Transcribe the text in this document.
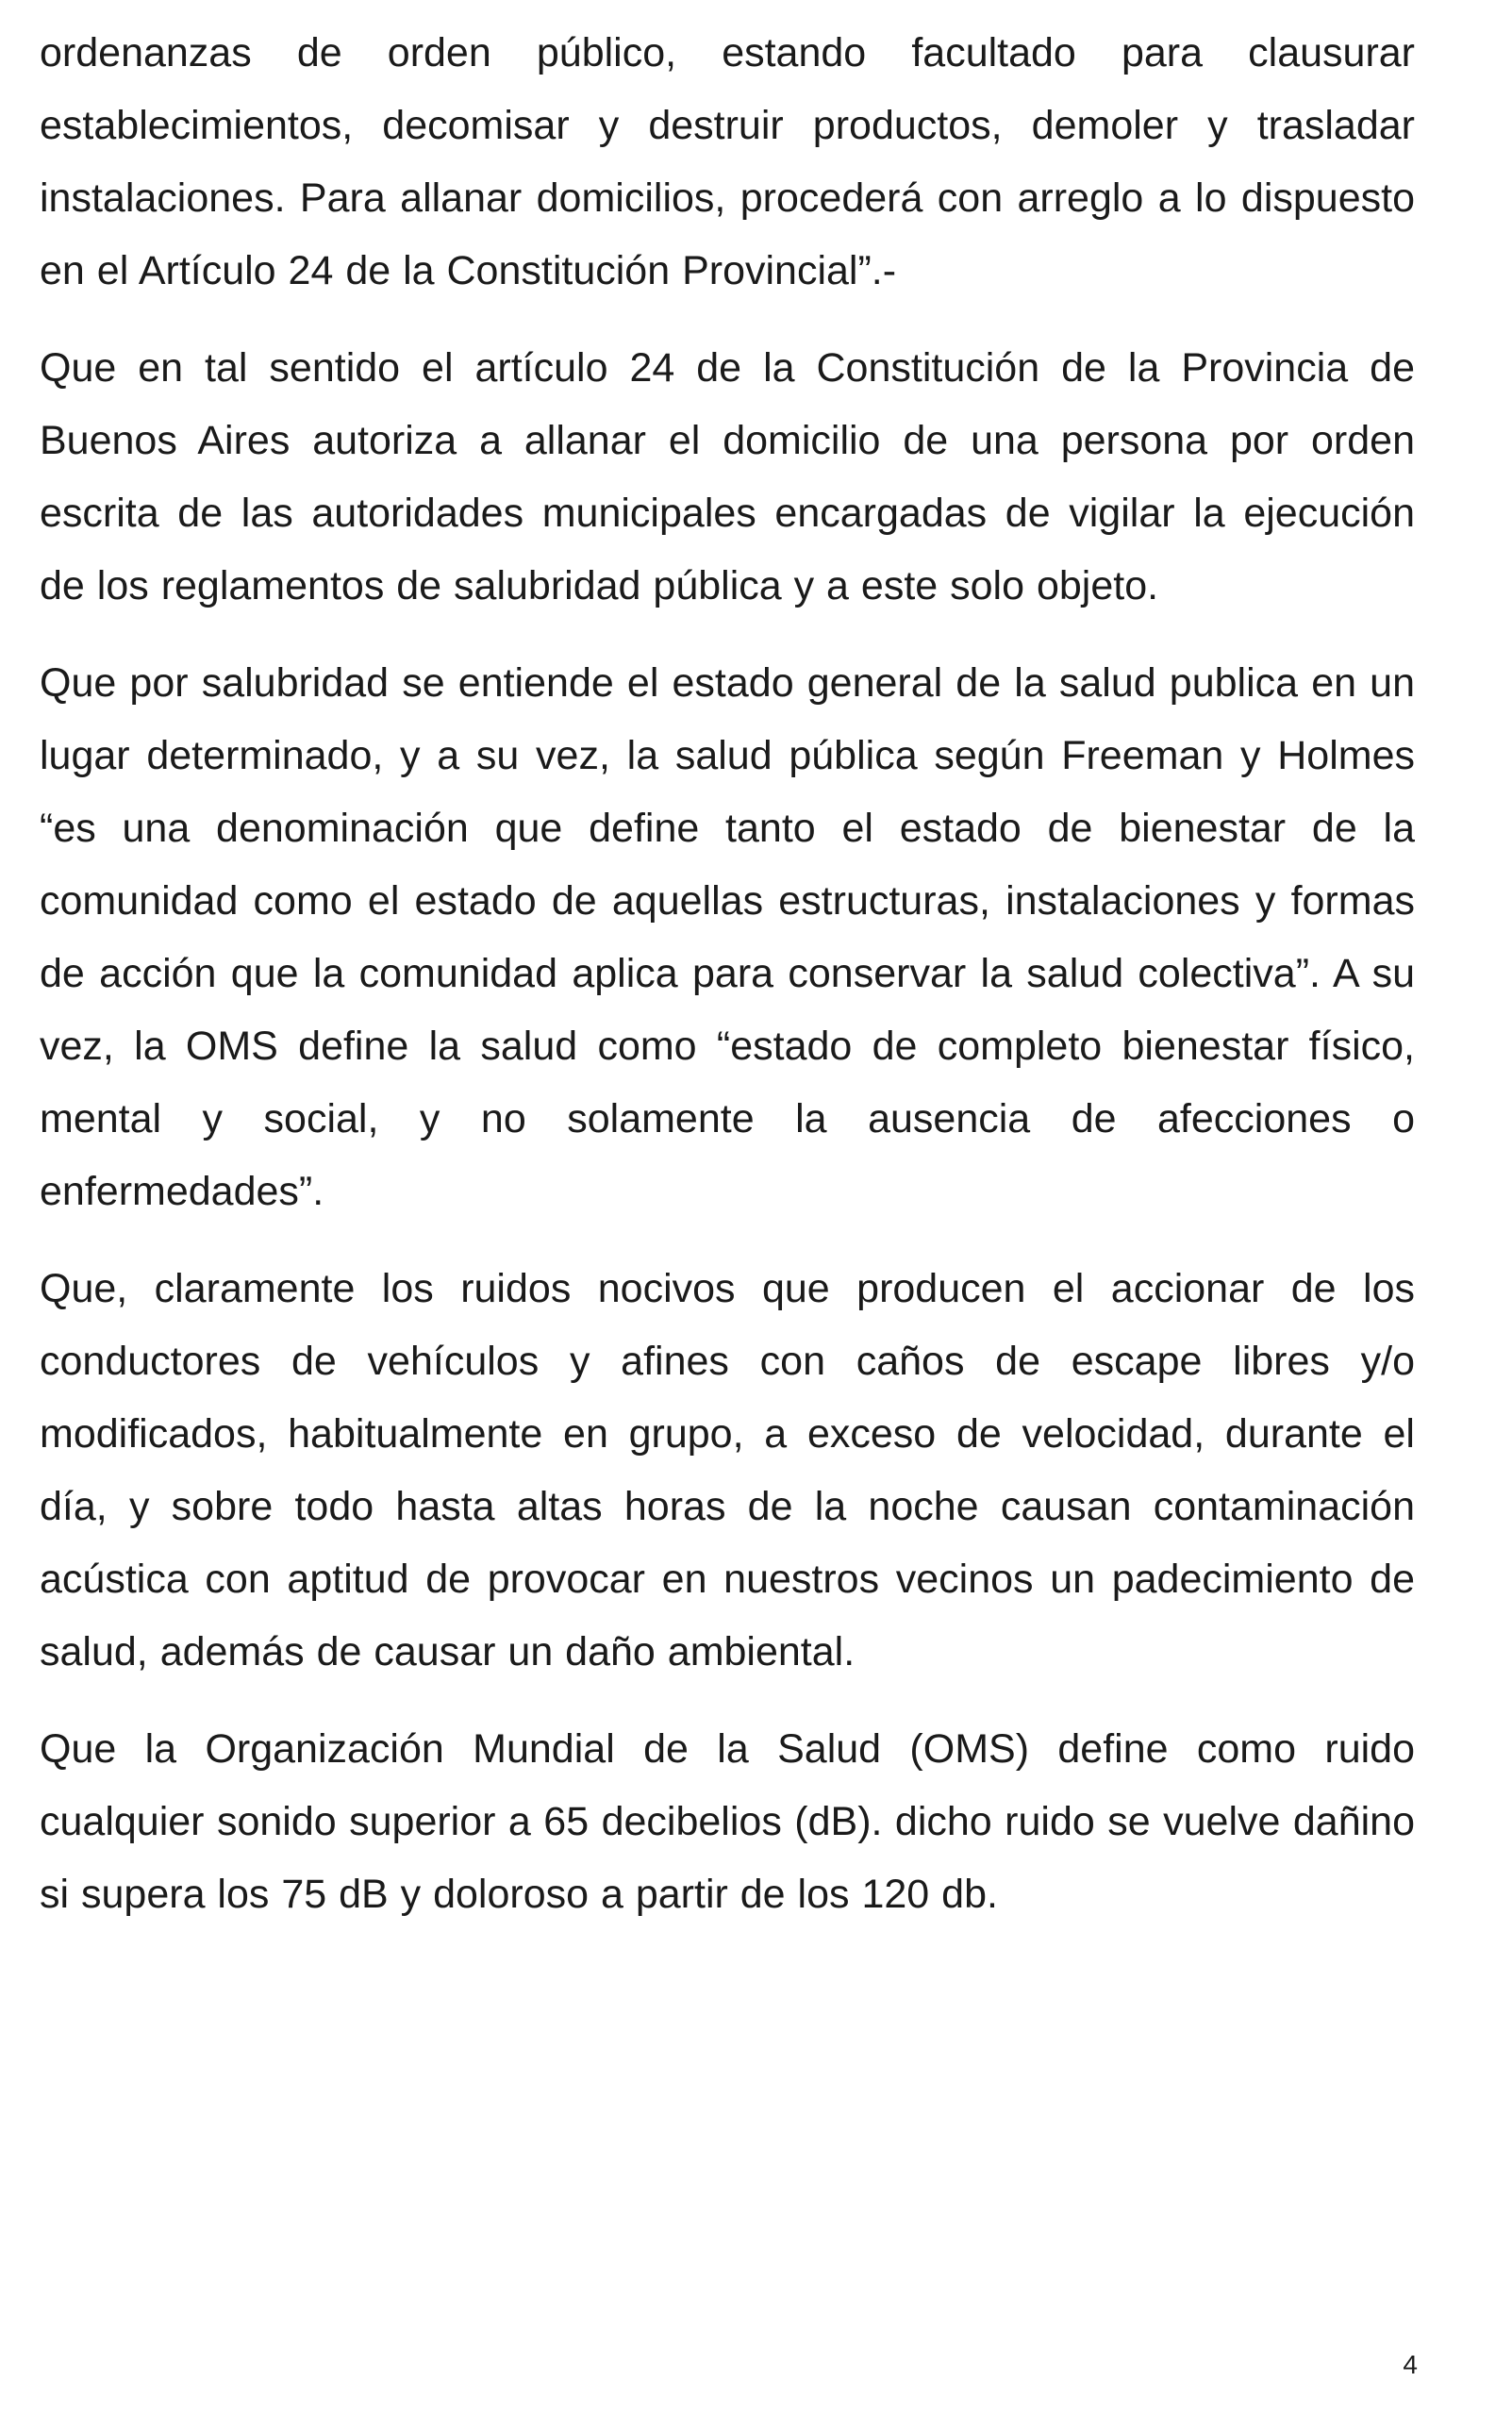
ordenanzas de orden público, estando facultado para clausurar establecimientos, decomisar y destruir productos, demoler y trasladar instalaciones. Para allanar domicilios, procederá con arreglo a lo dispuesto en el Artículo 24 de la Constitución Provincial”.-

Que en tal sentido el artículo 24 de la Constitución de la Provincia de Buenos Aires autoriza a allanar el domicilio de una persona por orden escrita de las autoridades municipales encargadas de vigilar la ejecución de los reglamentos de salubridad pública y a este solo objeto.

Que por salubridad se entiende el estado general de la salud publica en un lugar determinado, y a su vez, la salud pública según Freeman y Holmes “es una denominación que define tanto el estado de bienestar de la comunidad como el estado de aquellas estructuras, instalaciones y formas de acción que la comunidad aplica para conservar la salud colectiva”. A su vez, la OMS define la salud como “estado de completo bienestar físico, mental y social, y no solamente la ausencia de afecciones o enfermedades”.

Que, claramente los ruidos nocivos que producen el accionar de los conductores de vehículos y afines con caños de escape libres y/o modificados, habitualmente en grupo, a exceso de velocidad, durante el día, y sobre todo hasta altas horas de la noche causan contaminación acústica con aptitud de provocar en nuestros vecinos un padecimiento de salud, además de causar un daño ambiental.

Que la Organización Mundial de la Salud (OMS) define como ruido cualquier sonido superior a 65 decibelios (dB). dicho ruido se vuelve dañino si supera los 75 dB y doloroso a partir de los 120 db.

4
